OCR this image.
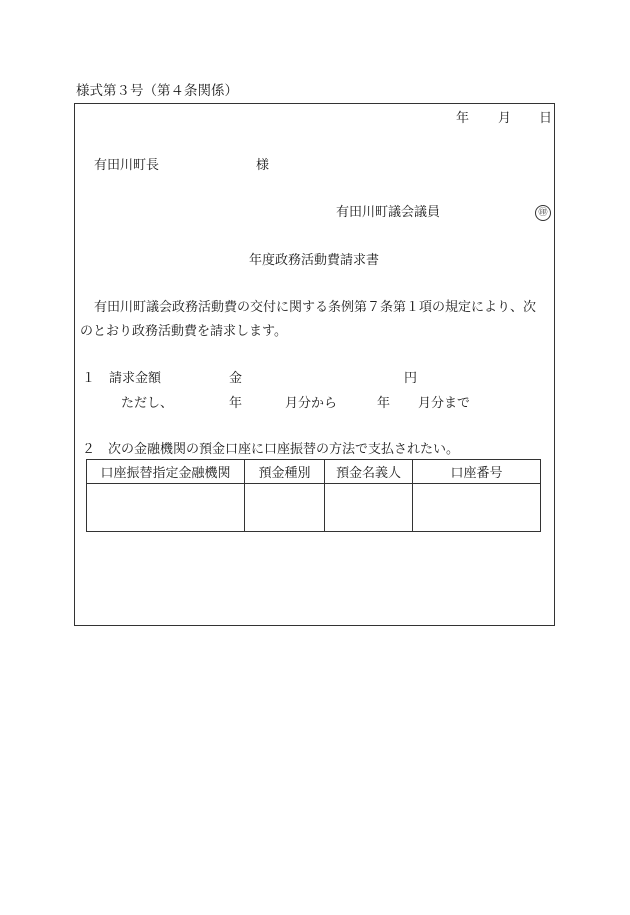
様式第３号（第４条関係）
年 月 日
有田川町長	様
有田川町議会議員	㊞
年度政務活動費請求書
有田川町議会政務活動費の交付に関する条例第７条第１項の規定により、次
のとおり政務活動費を請求します。
１ 請求金額	金	円
ただし、	年	月分から	年 月分まで
２ 次の金融機関の預金口座に口座振替の方法で支払されたい。
口座振替指定金融機関	預金種別	預金名義人	口座番号
